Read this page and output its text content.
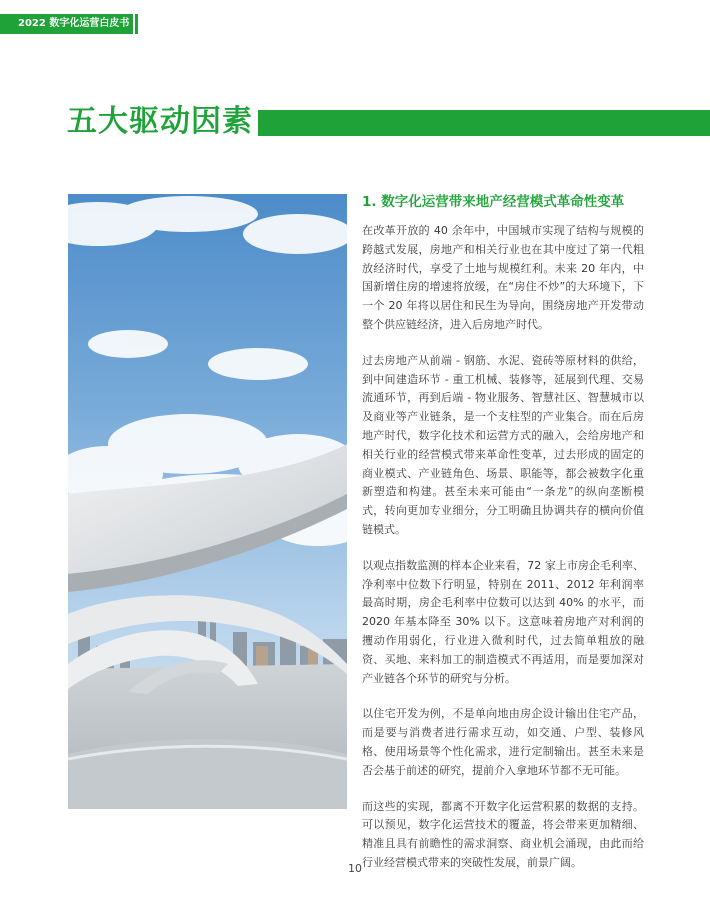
2022 数字化运营白皮书
五大驱动因素
1. 数字化运营带来地产经营模式革命性变革

在改革开放的 40 余年中，中国城市实现了结构与规模的跨越式发展，房地产和相关行业也在其中度过了第一代粗放经济时代，享受了土地与规模红利。未来 20 年内，中国新增住房的增速将放缓，在“房住不炒”的大环境下，下一个 20 年将以居住和民生为导向，围绕房地产开发带动整个供应链经济，进入后房地产时代。

过去房地产从前端 - 钢筋、水泥、瓷砖等原材料的供给，到中间建造环节 - 重工机械、装修等，延展到代理、交易流通环节，再到后端 - 物业服务、智慧社区、智慧城市以及商业等产业链条，是一个支柱型的产业集合。而在后房地产时代，数字化技术和运营方式的融入，会给房地产和相关行业的经营模式带来革命性变革，过去形成的固定的商业模式、产业链角色、场景、职能等，都会被数字化重新塑造和构建。甚至未来可能由“一条龙”的纵向垄断模式，转向更加专业细分，分工明确且协调共存的横向价值链模式。

以观点指数监测的样本企业来看，72 家上市房企毛利率、净利率中位数下行明显，特别在 2011、2012 年利润率最高时期，房企毛利率中位数可以达到 40% 的水平，而 2020 年基本降至 30% 以下。这意味着房地产对利润的攫动作用弱化，行业进入微利时代，过去简单粗放的融资、买地、来料加工的制造模式不再适用，而是要加深对产业链各个环节的研究与分析。

以住宅开发为例，不是单向地由房企设计输出住宅产品，而是要与消费者进行需求互动，如交通、户型、装修风格、使用场景等个性化需求，进行定制输出。甚至未来是否会基于前述的研究，提前介入拿地环节都不无可能。

而这些的实现，都离不开数字化运营积累的数据的支持。可以预见，数字化运营技术的覆盖，将会带来更加精细、精准且具有前瞻性的需求洞察、商业机会涌现，由此而给行业经营模式带来的突破性发展，前景广阔。

10
